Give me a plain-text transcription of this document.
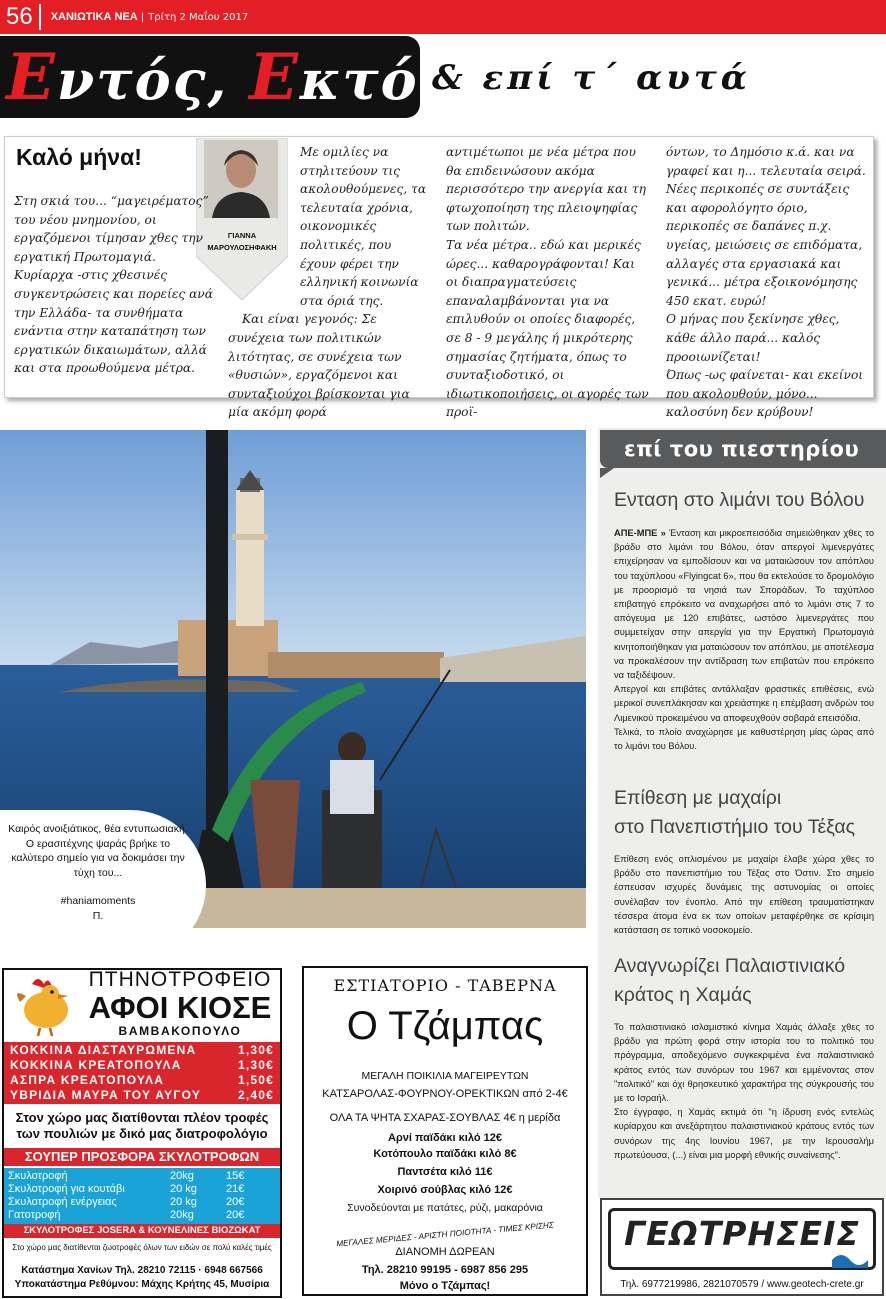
56	ΧΑΝΙΩΤΙΚΑ ΝΕΑ | Τρίτη 2 Μαΐου 2017
Εντός, Εκτός...
& επί τ΄ αυτά
Καλό μήνα!
ΓΙΑΝΝΑ ΜΑΡΟΥΛΟΣΗΦΑΚΗ

Στη σκιά του... “μαγειρέματος” του νέου μνημονίου, οι εργαζόμενοι τίμησαν χθες την εργατική Πρωτομαγιά. Κυρίαρχα -στις χθεσινές συγκεντρώσεις και πορείες ανά την Ελλάδα- τα συνθήματα ενάντια στην καταπάτηση των εργατικών δικαιωμάτων, αλλά και στα προωθούμενα μέτρα.

Με ομιλίες να στηλιτεύουν τις ακολουθούμενες, τα τελευταία χρόνια, οικονομικές πολιτικές, που έχουν φέρει την ελληνική κοινωνία στα όριά της.

Και είναι γεγονός: Σε συνέχεια των πολιτικών λιτότητας, σε συνέχεια των «θυσιών», εργαζόμενοι και συνταξιούχοι βρίσκονται για μία ακόμη φορά

αντιμέτωποι με νέα μέτρα που θα επιδεινώσουν ακόμα περισσότερο την ανεργία και τη φτωχοποίηση της πλειοψηφίας των πολιτών.

Τα νέα μέτρα.. εδώ και μερικές ώρες... καθαρογράφονται! Και οι διαπραγματεύσεις επαναλαμβάνονται για να επιλυθούν οι οποίες διαφορές, σε 8 - 9 μεγάλης ή μικρότερης σημασίας ζητήματα, όπως το συνταξιοδοτικό, οι ιδιωτικοποιήσεις, οι αγορές των προϊ-

όντων, το Δημόσιο κ.ά. και να γραφεί και η... τελευταία σειρά.

Νέες περικοπές σε συντάξεις και αφορολόγητο όριο, περικοπές σε δαπάνες π.χ. υγείας, μειώσεις σε επιδόματα, αλλαγές στα εργασιακά και γενικά... μέτρα εξοικονόμησης 450 εκατ. ευρώ!

Ο μήνας που ξεκίνησε χθες, κάθε άλλο παρά... καλός προοιωνίζεται!

Όπως -ως φαίνεται- και εκείνοι που ακολουθούν, μόνο... καλοσύνη δεν κρύβουν!

Καιρός ανοιξιάτικος, θέα εντυπωσιακή. Ο ερασιτέχνης ψαράς βρήκε το καλύτερο σημείο για να δοκιμάσει την τύχη του...
#haniamoments
Π.
επί του πιεστηρίου
Ενταση στο λιμάνι του Βόλου

ΑΠΕ-ΜΠΕ » Ένταση και μικροεπεισόδια σημειώθηκαν χθες το βράδυ στο λιμάνι του Βόλου, όταν απεργοί λιμενεργάτες επιχείρησαν να εμποδίσουν και να ματαιώσουν τον απόπλου του ταχύπλοου «Flyingcat 6», που θα εκτελούσε το δρομολόγιο με προορισμό τα νησιά των Σποράδων. Το ταχύπλοο επιβατηγό επρόκειτο να αναχωρήσει από το λιμάνι στις 7 το απόγευμα με 120 επιβάτες, ωστόσο λιμενεργάτες που συμμετείχαν στην απεργία για την Εργατική Πρωτομαγιά κινητοποιήθηκαν για ματαιώσουν τον απόπλου, με αποτέλεσμα να προκαλέσουν την αντίδραση των επιβατών που επρόκειτο να ταξιδέψουν.

Απεργοί και επιβάτες αντάλλαξαν φραστικές επιθέσεις, ενώ μερικοί συνεπλάκησαν και χρειάστηκε η επέμβαση ανδρών του Λιμενικού προκειμένου να αποφευχθούν σοβαρά επεισόδια.

Τελικά, το πλοίο αναχώρησε με καθυστέρηση μίας ώρας από το λιμάνι του Βόλου.

Επίθεση με μαχαίρι
στο Πανεπιστήμιο του Τέξας

Επίθεση ενός οπλισμένου με μαχαίρι έλαβε χώρα χθες το βράδυ στο πανεπιστήμιο του Τέξας στο Όστιν. Στο σημείο έσπευσαν ισχυρές δυνάμεις της αστυνομίας οι οποίες συνέλαβαν τον ένοπλο. Από την επίθεση τραυματίστηκαν τέσσερα άτομα ένα εκ των οποίων μεταφέρθηκε σε κρίσιμη κατάσταση σε τοπικό νοσοκομείο.

Αναγνωρίζει Παλαιστινιακό
κράτος η Χαμάς

Το παλαιστινιακό ισλαμιστικό κίνημα Χαμάς άλλαξε χθες το βράδυ για πρώτη φορά στην ιστορία του το πολιτικό του πρόγραμμα, αποδεχόμενο συγκεκριμένα ένα παλαιστινιακό κράτος εντός των συνόρων του 1967 και εμμένοντας στον "πολιτικό" και όχι θρησκευτικό χαρακτήρα της σύγκρουσής του με το Ισραήλ.

Στο έγγραφο, η Χαμάς εκτιμά ότι "η ίδρυση ενός εντελώς κυρίαρχου και ανεξάρτητου παλαιστινιακού κράτους εντός των συνόρων της 4ης Ιουνίου 1967, με την Ιερουσαλήμ πρωτεύουσα, (...) είναι μια μορφή εθνικής συναίνεσης".

ΠΤΗΝΟΤΡΟΦΕΙΟ
ΑΦΟΙ ΚΙΟΣΕ
ΒΑΜΒΑΚΟΠΟΥΛΟ
ΚΟΚΚΙΝΑ ΔΙΑΣΤΑΥΡΩΜΕΝΑ	1,30€
ΚΟΚΚΙΝΑ ΚΡΕΑΤΟΠΟΥΛΑ	1,30€
ΑΣΠΡΑ ΚΡΕΑΤΟΠΟΥΛΑ	1,50€
ΥΒΡΙΔΙΑ ΜΑΥΡΑ ΤΟΥ ΑΥΓΟΥ	2,40€
Στον χώρο μας διατίθονται πλέον τροφές των πουλιών με δικό μας διατροφολόγιο
ΣΟΥΠΕΡ ΠΡΟΣΦΟΡΑ ΣΚΥΛΟΤΡΟΦΩΝ
Σκυλοτροφή	20kg	15€
Σκυλοτροφή για κουτάβι	20 kg	21€
Σκυλοτροφή ενέργειας	20 kg	20€
Γατοτροφή	20kg	20€
ΣΚΥΛΟΤΡΟΦΕΣ JOSERA & ΚΟΥΝΕΛΙΝΕΣ ΒΙΟΖΩΚΑΤ
Στο χώρο μας διατίθενται ζωοτροφές όλων των ειδών σε πολύ καλές τιμές
Κατάστημα Χανίων Τηλ. 28210 72115 · 6948 667566
Υποκατάστημα Ρεθύμνου: Μάχης Κρήτης 45, Μυσίρια
ΕΣΤΙΑΤΟΡΙΟ - ΤΑΒΕΡΝΑ
Ο Τζάμπας
ΜΕΓΑΛΗ ΠΟΙΚΙΛΙΑ ΜΑΓΕΙΡΕΥΤΩΝ
ΚΑΤΣΑΡΟΛΑΣ-ΦΟΥΡΝΟΥ-ΟΡΕΚΤΙΚΩΝ από 2-4€
ΟΛΑ ΤΑ ΨΗΤΑ ΣΧΑΡΑΣ-ΣΟΥΒΛΑΣ 4€ η μερίδα
Αρνί παϊδάκι κιλό 12€
Κοτόπουλο παϊδάκι κιλό 8€
Παντσέτα κιλό 11€
Χοιρινό σούβλας κιλό 12€
Συνοδεύονται με πατάτες, ρύζι, μακαρόνια
ΜΕΓΑΛΕΣ ΜΕΡΙΔΕΣ - ΑΡΙΣΤΗ ΠΟΙΟΤΗΤΑ - ΤΙΜΕΣ ΚΡΙΣΗΣ
ΔΙΑΝΟΜΗ ΔΩΡΕΑΝ
Τηλ. 28210 99195 - 6987 856 295
Μόνο ο Τζάμπας!
ΓΕΩΤΡΗΣΕΙΣ
Τηλ. 6977219986, 2821070579 / www.geotech-crete.gr
